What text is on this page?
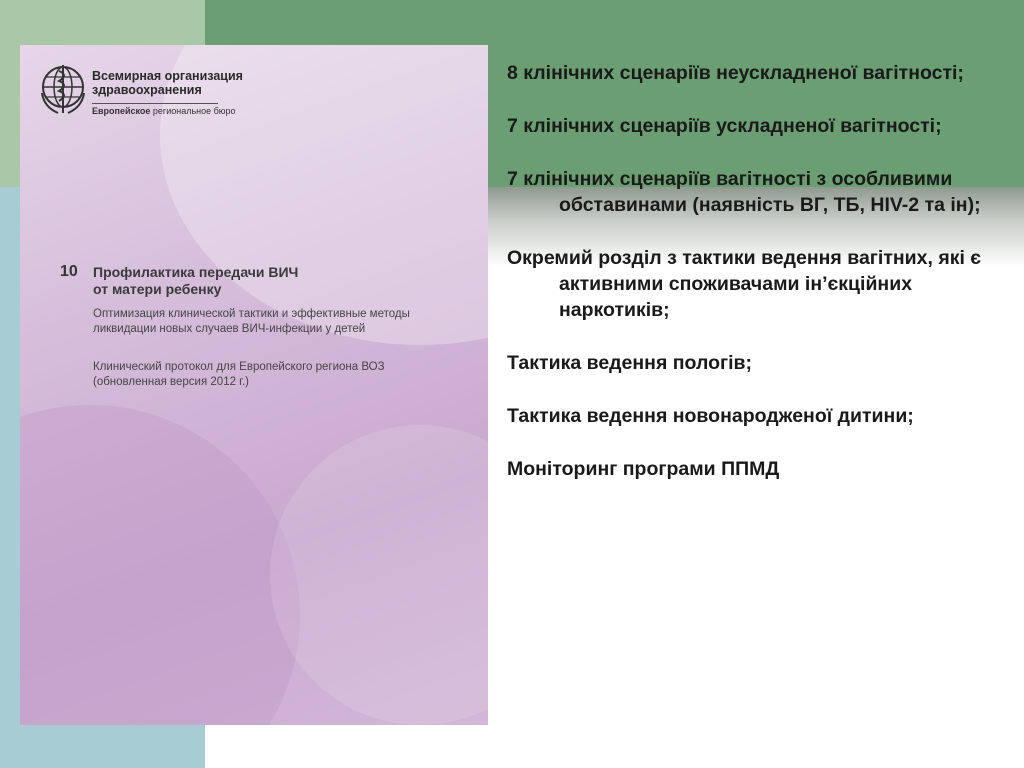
Всемирная организация
здравоохранения
Европейское региональное бюро
10 Профилактика передачи ВИЧ
от матери ребенку
Оптимизация клинической тактики и эффективные методы
ликвидации новых случаев ВИЧ-инфекции у детей
Клинический протокол для Европейского региона ВОЗ
(обновленная версия 2012 г.)
8 клінічних сценаріїв неускладненої вагітності;
7 клінічних сценаріїв ускладненої вагітності;
7 клінічних сценаріїв вагітності з особливими обставинами (наявність ВГ, ТБ, HIV-2 та ін);
Окремий розділ з тактики ведення вагітних, які є активними споживачами ін’єкційних наркотиків;
Тактика ведення пологів;
Тактика ведення новонародженої дитини;
Моніторинг програми ППМД
